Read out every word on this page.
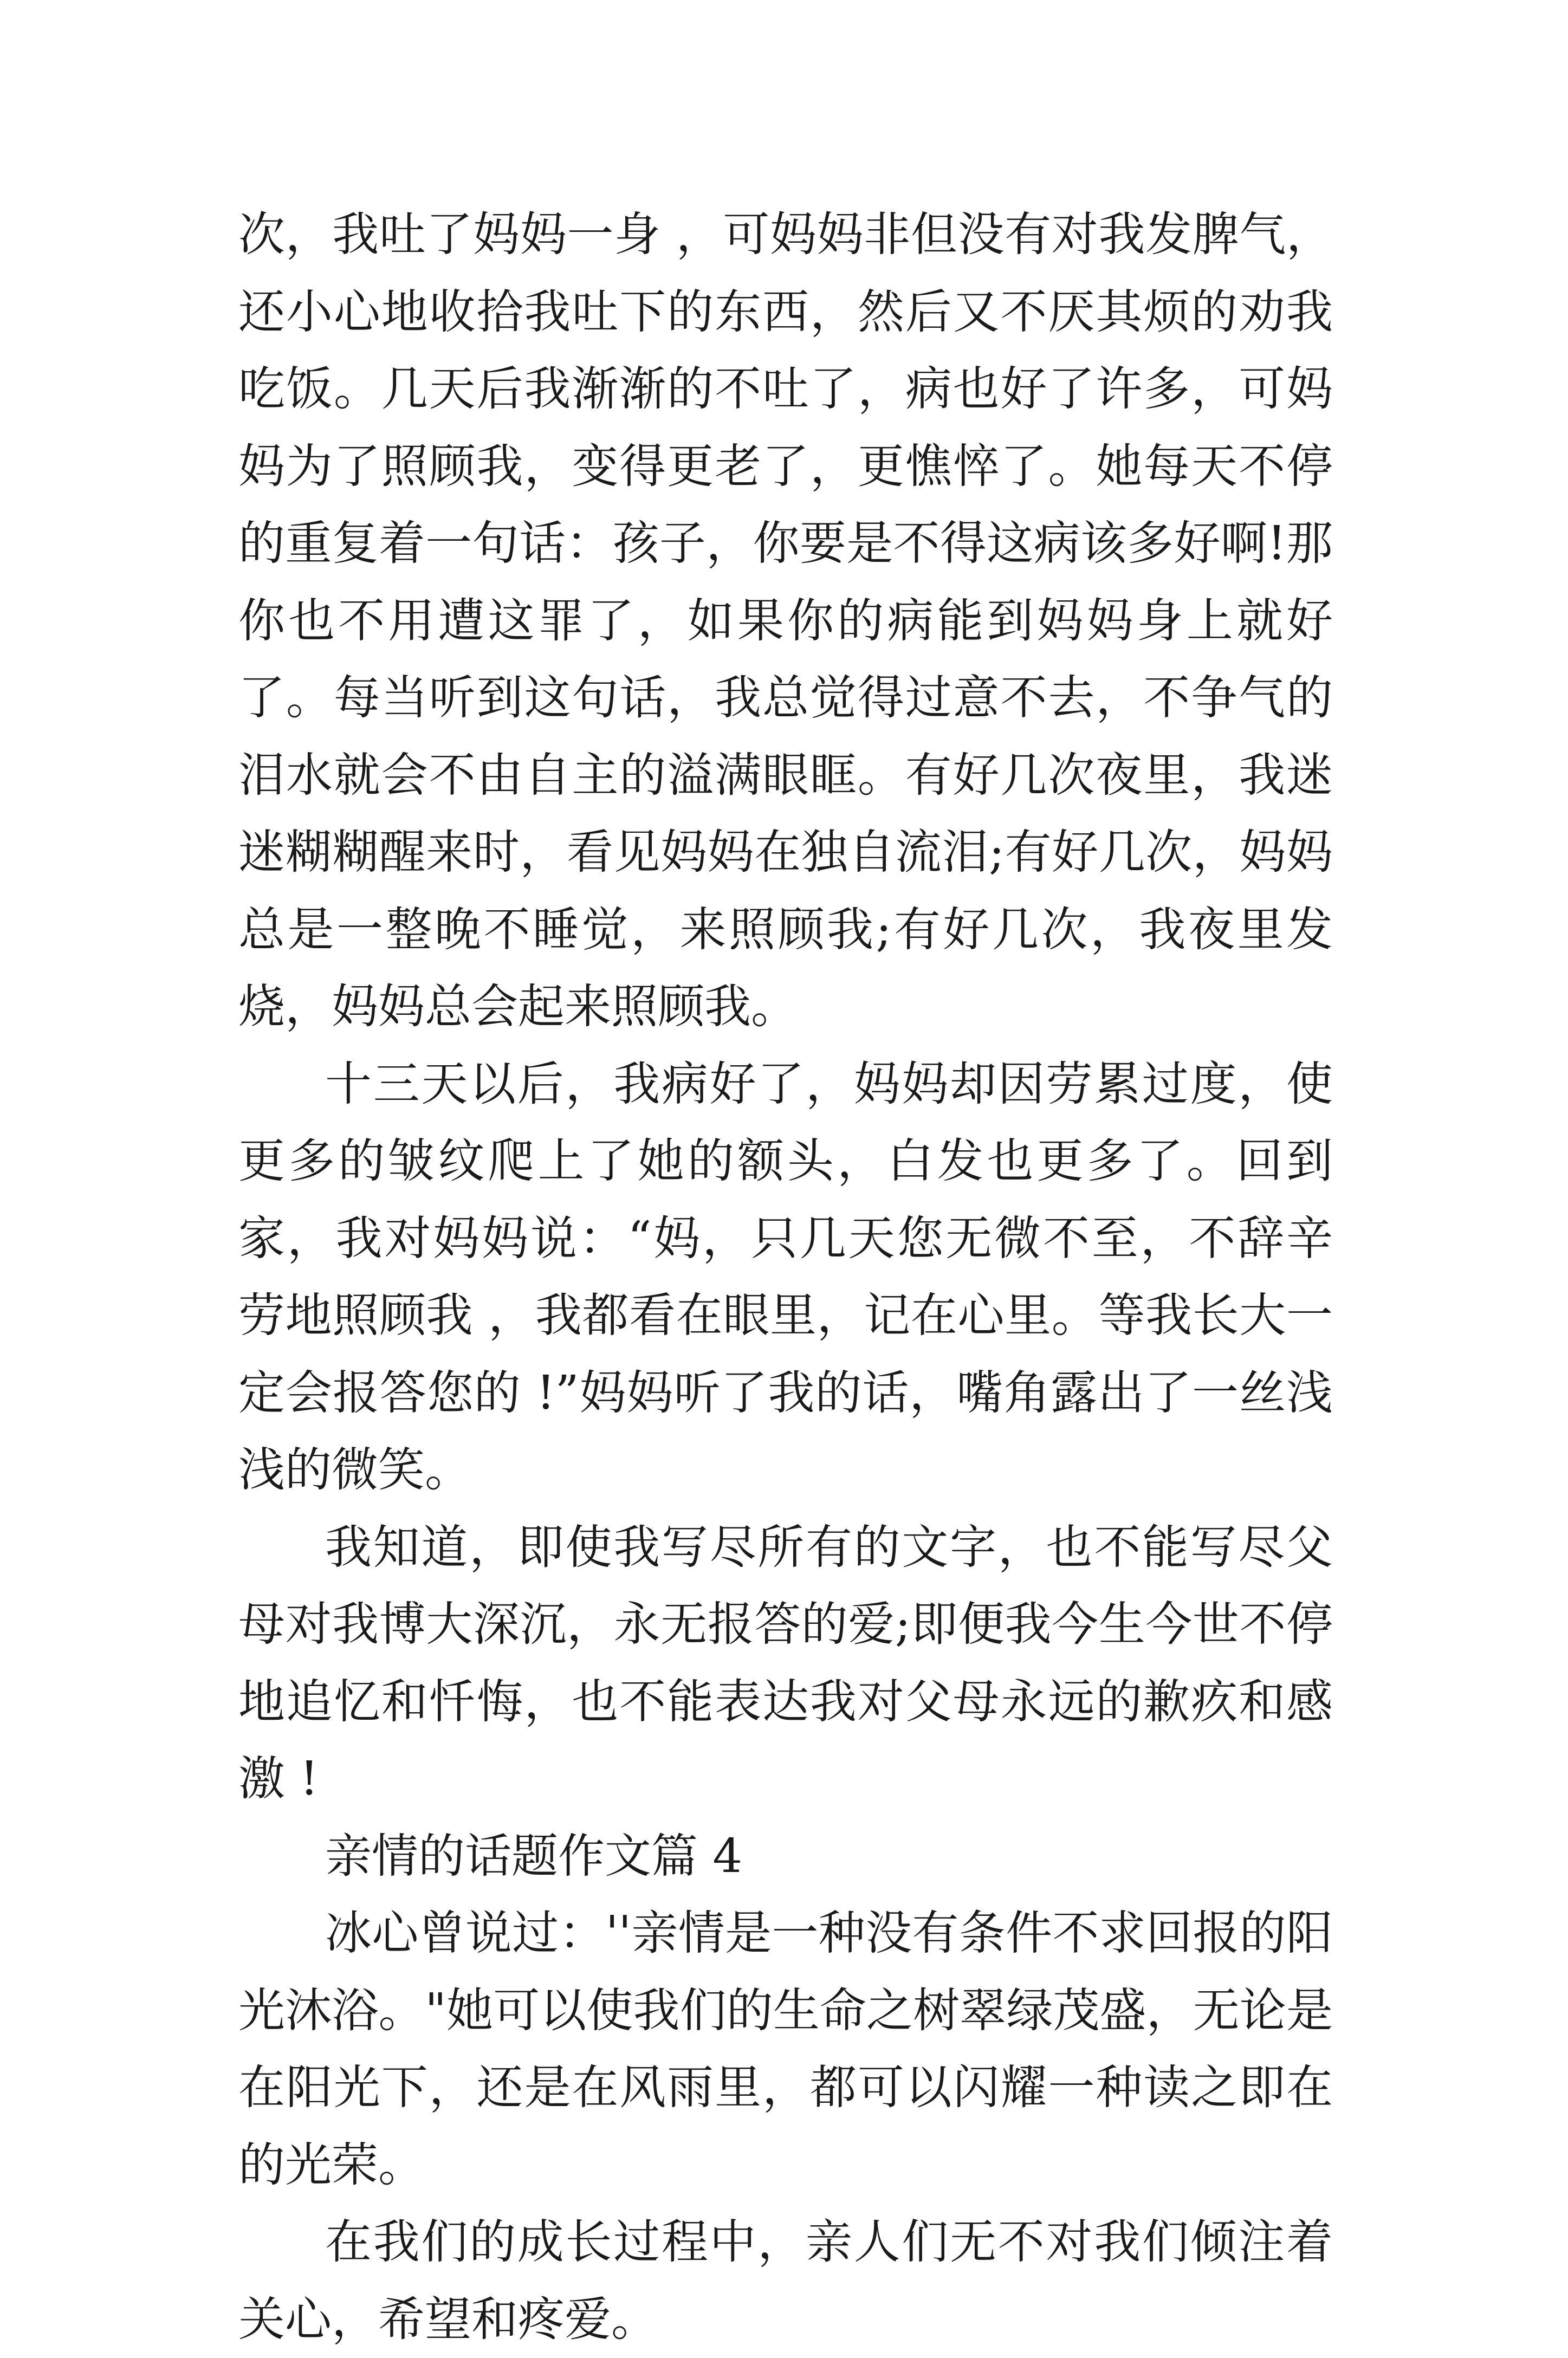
次，我吐了妈妈一身 ，可妈妈非但没有对我发脾气，还小心地收拾我吐下的东西，然后又不厌其烦的劝我吃饭。几天后我渐渐的不吐了，病也好了许多，可妈妈为了照顾我，变得更老了，更憔悴了。她每天不停的重复着一句话：孩子，你要是不得这病该多好啊!那你也不用遭这罪了，如果你的病能到妈妈身上就好了。每当听到这句话，我总觉得过意不去，不争气的泪水就会不由自主的溢满眼眶。有好几次夜里，我迷迷糊糊醒来时，看见妈妈在独自流泪;有好几次，妈妈总是一整晚不睡觉，来照顾我;有好几次，我夜里发烧，妈妈总会起来照顾我。

十三天以后，我病好了，妈妈却因劳累过度，使更多的皱纹爬上了她的额头，白发也更多了。回到家，我对妈妈说：“妈，只几天您无微不至，不辞辛劳地照顾我 ，我都看在眼里，记在心里。等我长大一定会报答您的 !”妈妈听了我的话，嘴角露出了一丝浅浅的微笑。

我知道，即使我写尽所有的文字，也不能写尽父母对我博大深沉，永无报答的爱;即便我今生今世不停地追忆和忏悔，也不能表达我对父母永远的歉疚和感激 !

亲情的话题作文篇 4

冰心曾说过：''亲情是一种没有条件不求回报的阳光沐浴。"她可以使我们的生命之树翠绿茂盛，无论是在阳光下，还是在风雨里，都可以闪耀一种读之即在的光荣。

在我们的成长过程中，亲人们无不对我们倾注着关心，希望和疼爱。
